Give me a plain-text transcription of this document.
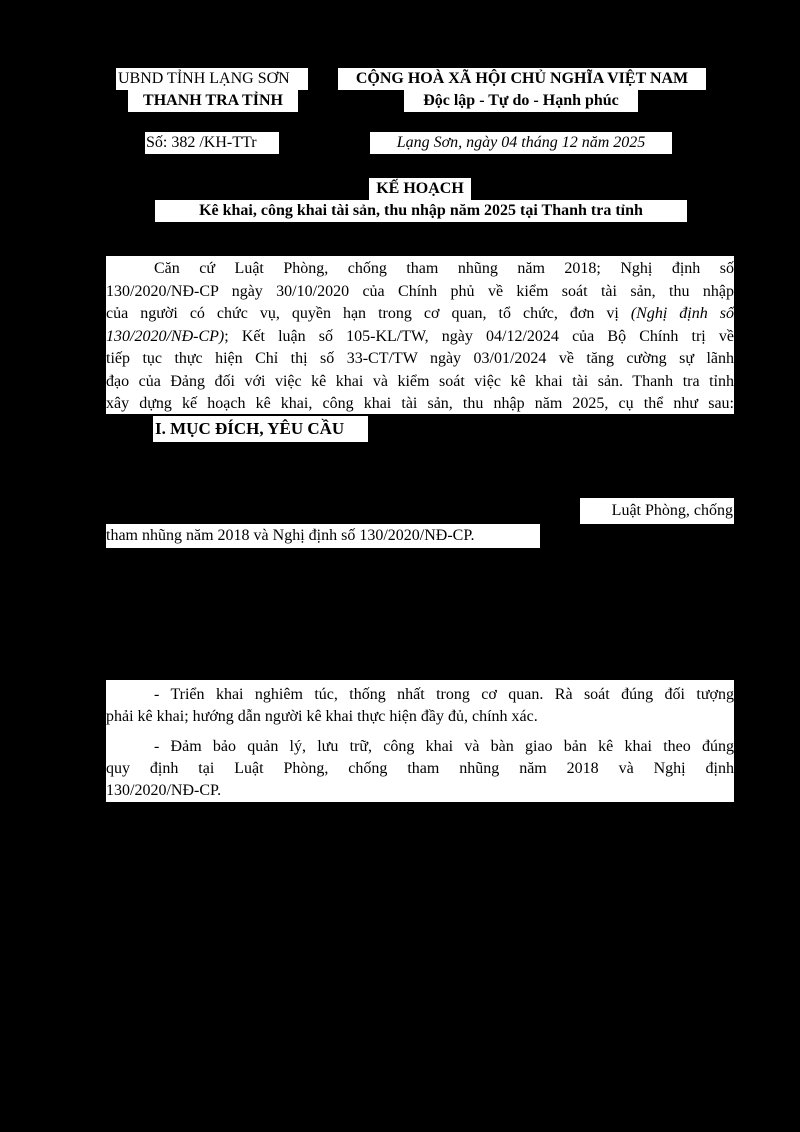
UBND TỈNH LẠNG SƠN
THANH TRA TỈNH
CỘNG HOÀ XÃ HỘI CHỦ NGHĨA VIỆT NAM
Độc lập - Tự do - Hạnh phúc
Số: 382 /KH-TTr	Lạng Sơn, ngày 04 tháng 12 năm 2025
KẾ HOẠCH
Kê khai, công khai tài sản, thu nhập năm 2025 tại Thanh tra tỉnh
Căn cứ Luật Phòng, chống tham nhũng năm 2018; Nghị định số
130/2020/NĐ-CP ngày 30/10/2020 của Chính phủ về kiểm soát tài sản, thu nhập
của người có chức vụ, quyền hạn trong cơ quan, tổ chức, đơn vị (Nghị định số
130/2020/NĐ-CP); Kết luận số 105-KL/TW, ngày 04/12/2024 của Bộ Chính trị về
tiếp tục thực hiện Chỉ thị số 33-CT/TW ngày 03/01/2024 về tăng cường sự lãnh
đạo của Đảng đối với việc kê khai và kiểm soát việc kê khai tài sản. Thanh tra tỉnh
xây dựng kế hoạch kê khai, công khai tài sản, thu nhập năm 2025, cụ thể như sau:
I. MỤC ĐÍCH, YÊU CẦU
Luật Phòng, chống
tham nhũng năm 2018 và Nghị định số 130/2020/NĐ-CP.
- Triển khai nghiêm túc, thống nhất trong cơ quan. Rà soát đúng đối tượng
phải kê khai; hướng dẫn người kê khai thực hiện đầy đủ, chính xác.
- Đảm bảo quản lý, lưu trữ, công khai và bàn giao bản kê khai theo đúng
quy định tại Luật Phòng, chống tham nhũng năm 2018 và Nghị định
130/2020/NĐ-CP.
